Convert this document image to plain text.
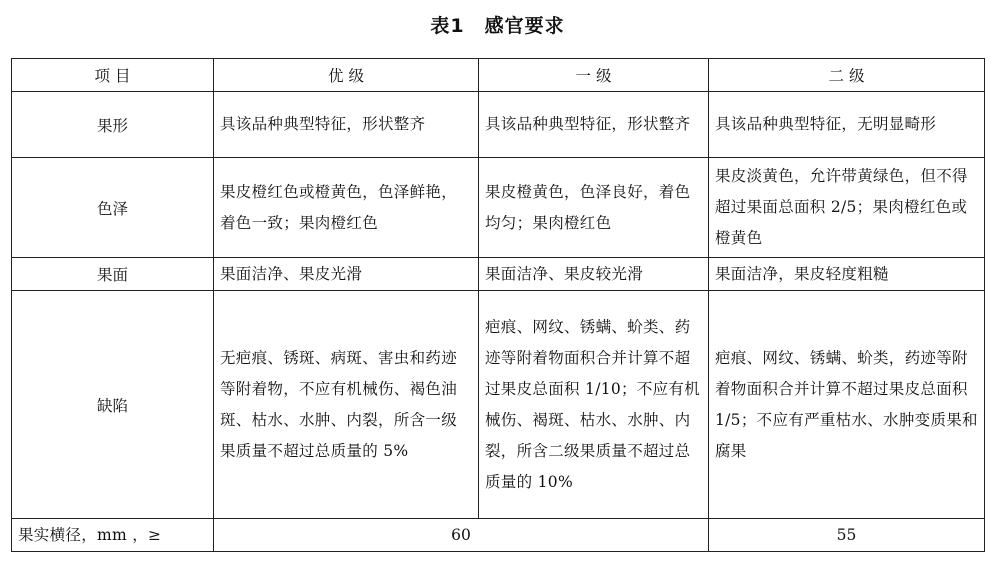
表1　感官要求
项 目	优 级	一 级	二 级
果形	具该品种典型特征，形状整齐	具该品种典型特征，形状整齐	具该品种典型特征，无明显畸形
色泽	果皮橙红色或橙黄色，色泽鲜艳，着色一致；果肉橙红色	果皮橙黄色，色泽良好，着色均匀；果肉橙红色	果皮淡黄色，允许带黄绿色，但不得超过果面总面积 2/5；果肉橙红色或橙黄色
果面	果面洁净、果皮光滑	果面洁净、果皮较光滑	果面洁净，果皮轻度粗糙
缺陷	无疤痕、锈斑、病斑、害虫和药迹等附着物，不应有机械伤、褐色油斑、枯水、水肿、内裂，所含一级果质量不超过总质量的 5%	疤痕、网纹、锈螨、蚧类、药迹等附着物面积合并计算不超过果皮总面积 1/10；不应有机械伤、褐斑、枯水、水肿、内裂，所含二级果质量不超过总质量的 10%	疤痕、网纹、锈螨、蚧类，药迹等附着物面积合并计算不超过果皮总面积 1/5；不应有严重枯水、水肿变质果和腐果
果实横径，mm ，≥	60		55
